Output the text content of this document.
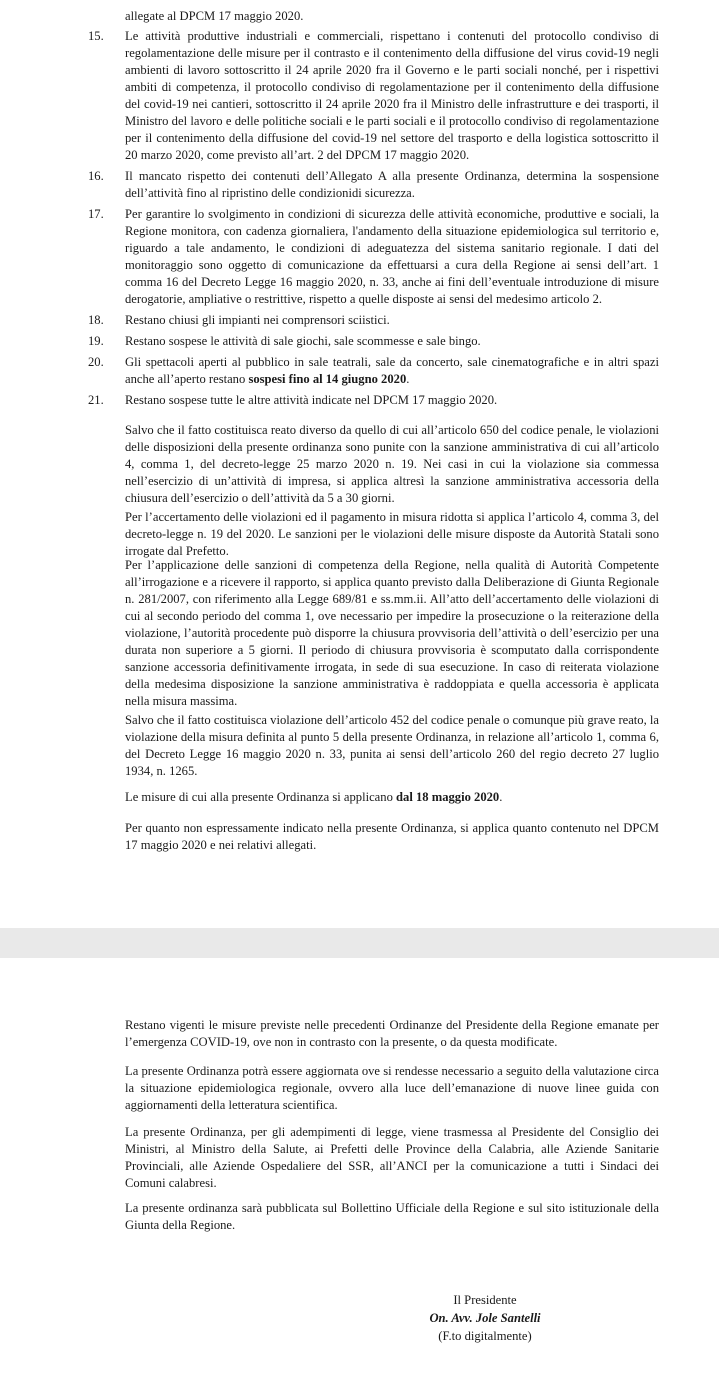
allegate al DPCM 17 maggio 2020.

15. Le attività produttive industriali e commerciali, rispettano i contenuti del protocollo condiviso di regolamentazione delle misure per il contrasto e il contenimento della diffusione del virus covid-19 negli ambienti di lavoro sottoscritto il 24 aprile 2020 fra il Governo e le parti sociali nonché, per i rispettivi ambiti di competenza, il protocollo condiviso di regolamentazione per il contenimento della diffusione del covid-19 nei cantieri, sottoscritto il 24 aprile 2020 fra il Ministro delle infrastrutture e dei trasporti, il Ministro del lavoro e delle politiche sociali e le parti sociali e il protocollo condiviso di regolamentazione per il contenimento della diffusione del covid-19 nel settore del trasporto e della logistica sottoscritto il 20 marzo 2020, come previsto all’art. 2 del DPCM 17 maggio 2020.

16. Il mancato rispetto dei contenuti dell’Allegato A alla presente Ordinanza, determina la sospensione dell’attività fino al ripristino delle condizionidi sicurezza.

17. Per garantire lo svolgimento in condizioni di sicurezza delle attività economiche, produttive e sociali, la Regione monitora, con cadenza giornaliera, l'andamento della situazione epidemiologica sul territorio e, riguardo a tale andamento, le condizioni di adeguatezza del sistema sanitario regionale. I dati del monitoraggio sono oggetto di comunicazione da effettuarsi a cura della Regione ai sensi dell’art. 1 comma 16 del Decreto Legge 16 maggio 2020, n. 33, anche ai fini dell’eventuale introduzione di misure derogatorie, ampliative o restrittive, rispetto a quelle disposte ai sensi del medesimo articolo 2.

18. Restano chiusi gli impianti nei comprensori sciistici.

19. Restano sospese le attività di sale giochi, sale scommesse e sale bingo.

20. Gli spettacoli aperti al pubblico in sale teatrali, sale da concerto, sale cinematografiche e in altri spazi anche all’aperto restano sospesi fino al 14 giugno 2020.

21. Restano sospese tutte le altre attività indicate nel DPCM 17 maggio 2020.

Salvo che il fatto costituisca reato diverso da quello di cui all’articolo 650 del codice penale, le violazioni delle disposizioni della presente ordinanza sono punite con la sanzione amministrativa di cui all’articolo 4, comma 1, del decreto-legge 25 marzo 2020 n. 19. Nei casi in cui la violazione sia commessa nell’esercizio di un’attività di impresa, si applica altresì la sanzione amministrativa accessoria della chiusura dell’esercizio o dell’attività da 5 a 30 giorni.

Per l’accertamento delle violazioni ed il pagamento in misura ridotta si applica l’articolo 4, comma 3, del decreto-legge n. 19 del 2020. Le sanzioni per le violazioni delle misure disposte da Autorità Statali sono irrogate dal Prefetto.

Per l’applicazione delle sanzioni di competenza della Regione, nella qualità di Autorità Competente all’irrogazione e a ricevere il rapporto, si applica quanto previsto dalla Deliberazione di Giunta Regionale n. 281/2007, con riferimento alla Legge 689/81 e ss.mm.ii. All’atto dell’accertamento delle violazioni di cui al secondo periodo del comma 1, ove necessario per impedire la prosecuzione o la reiterazione della violazione, l’autorità procedente può disporre la chiusura provvisoria dell’attività o dell’esercizio per una durata non superiore a 5 giorni. Il periodo di chiusura provvisoria è scomputato dalla corrispondente sanzione accessoria definitivamente irrogata, in sede di sua esecuzione. In caso di reiterata violazione della medesima disposizione la sanzione amministrativa è raddoppiata e quella accessoria è applicata nella misura massima.

Salvo che il fatto costituisca violazione dell’articolo 452 del codice penale o comunque più grave reato, la violazione della misura definita al punto 5 della presente Ordinanza, in relazione all’articolo 1, comma 6, del Decreto Legge 16 maggio 2020 n. 33, punita ai sensi dell’articolo 260 del regio decreto 27 luglio 1934, n. 1265.

Le misure di cui alla presente Ordinanza si applicano dal 18 maggio 2020.

Per quanto non espressamente indicato nella presente Ordinanza, si applica quanto contenuto nel DPCM 17 maggio 2020 e nei relativi allegati.

Restano vigenti le misure previste nelle precedenti Ordinanze del Presidente della Regione emanate per l’emergenza COVID-19, ove non in contrasto con la presente, o da questa modificate.

La presente Ordinanza potrà essere aggiornata ove si rendesse necessario a seguito della valutazione circa la situazione epidemiologica regionale, ovvero alla luce dell’emanazione di nuove linee guida con aggiornamenti della letteratura scientifica.

La presente Ordinanza, per gli adempimenti di legge, viene trasmessa al Presidente del Consiglio dei Ministri, al Ministro della Salute, ai Prefetti delle Province della Calabria, alle Aziende Sanitarie Provinciali, alle Aziende Ospedaliere del SSR, all’ANCI per la comunicazione a tutti i Sindaci dei Comuni calabresi.

La presente ordinanza sarà pubblicata sul Bollettino Ufficiale della Regione e sul sito istituzionale della Giunta della Regione.

Il Presidente
On. Avv. Jole Santelli
(F.to digitalmente)
